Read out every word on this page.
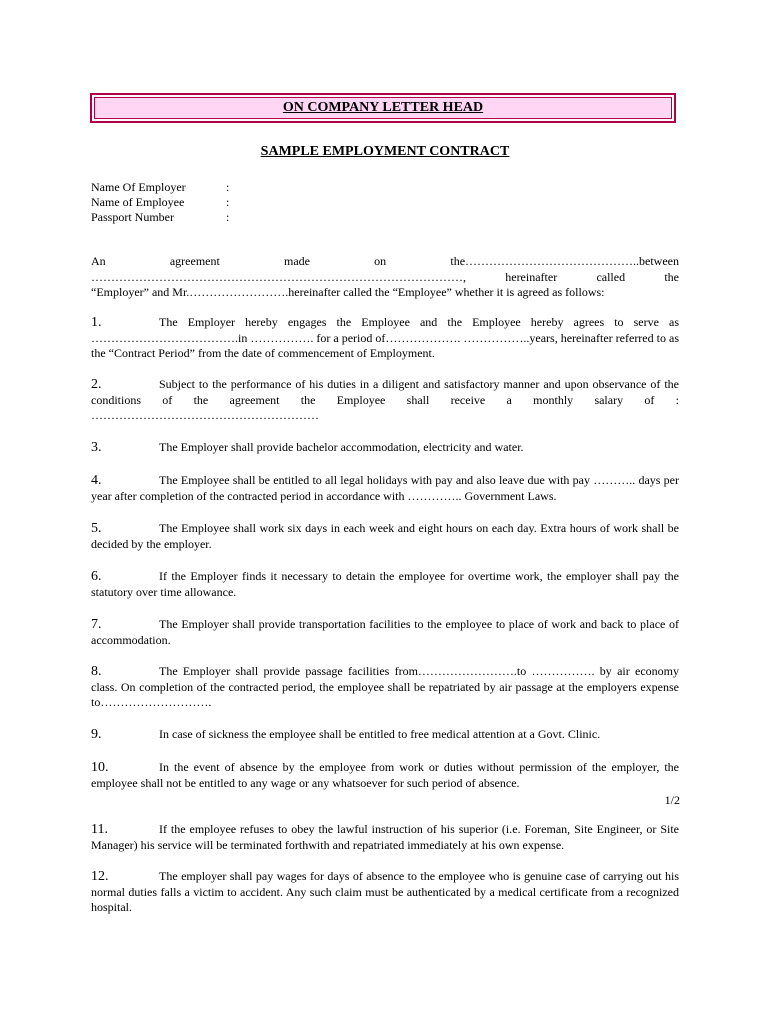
ON COMPANY LETTER HEAD
SAMPLE EMPLOYMENT CONTRACT
Name Of Employer	:
Name of Employee	:
Passport Number	:
An agreement made on the……………………………………..between
…………………………………………………………………………………, hereinafter called the
“Employer” and Mr.…………………….hereinafter called the “Employee” whether it is agreed as follows:
1.	The Employer hereby engages the Employee and the Employee hereby agrees to serve as ……………………………….in ……………. for a period of………………. ……………..years, hereinafter referred to as the “Contract Period” from the date of commencement of Employment.
2.	Subject to the performance of his duties in a diligent and satisfactory manner and upon observance of the conditions of the agreement the Employee shall receive a monthly salary of : …………………………………………………
3.	The Employer shall provide bachelor accommodation, electricity and water.
4.	The Employee shall be entitled to all legal holidays with pay and also leave due with pay ……….. days per year after completion of the contracted period in accordance with ………….. Government Laws.
5.	The Employee shall work six days in each week and eight hours on each day. Extra hours of work shall be decided by the employer.
6.	If the Employer finds it necessary to detain the employee for overtime work, the employer shall pay the statutory over time allowance.
7.	The Employer shall provide transportation facilities to the employee to place of work and back to place of accommodation.
8.	The Employer shall provide passage facilities from…………………….to ……………. by air economy class. On completion of the contracted period, the employee shall be repatriated by air passage at the employers expense to……………………….
9.	In case of sickness the employee shall be entitled to free medical attention at a Govt. Clinic.
10.	In the event of absence by the employee from work or duties without permission of the employer, the employee shall not be entitled to any wage or any whatsoever for such period of absence.
1/2
11.	If the employee refuses to obey the lawful instruction of his superior (i.e. Foreman, Site Engineer, or Site Manager) his service will be terminated forthwith and repatriated immediately at his own expense.
12.	The employer shall pay wages for days of absence to the employee who is genuine case of carrying out his normal duties falls a victim to accident. Any such claim must be authenticated by a medical certificate from a recognized hospital.
